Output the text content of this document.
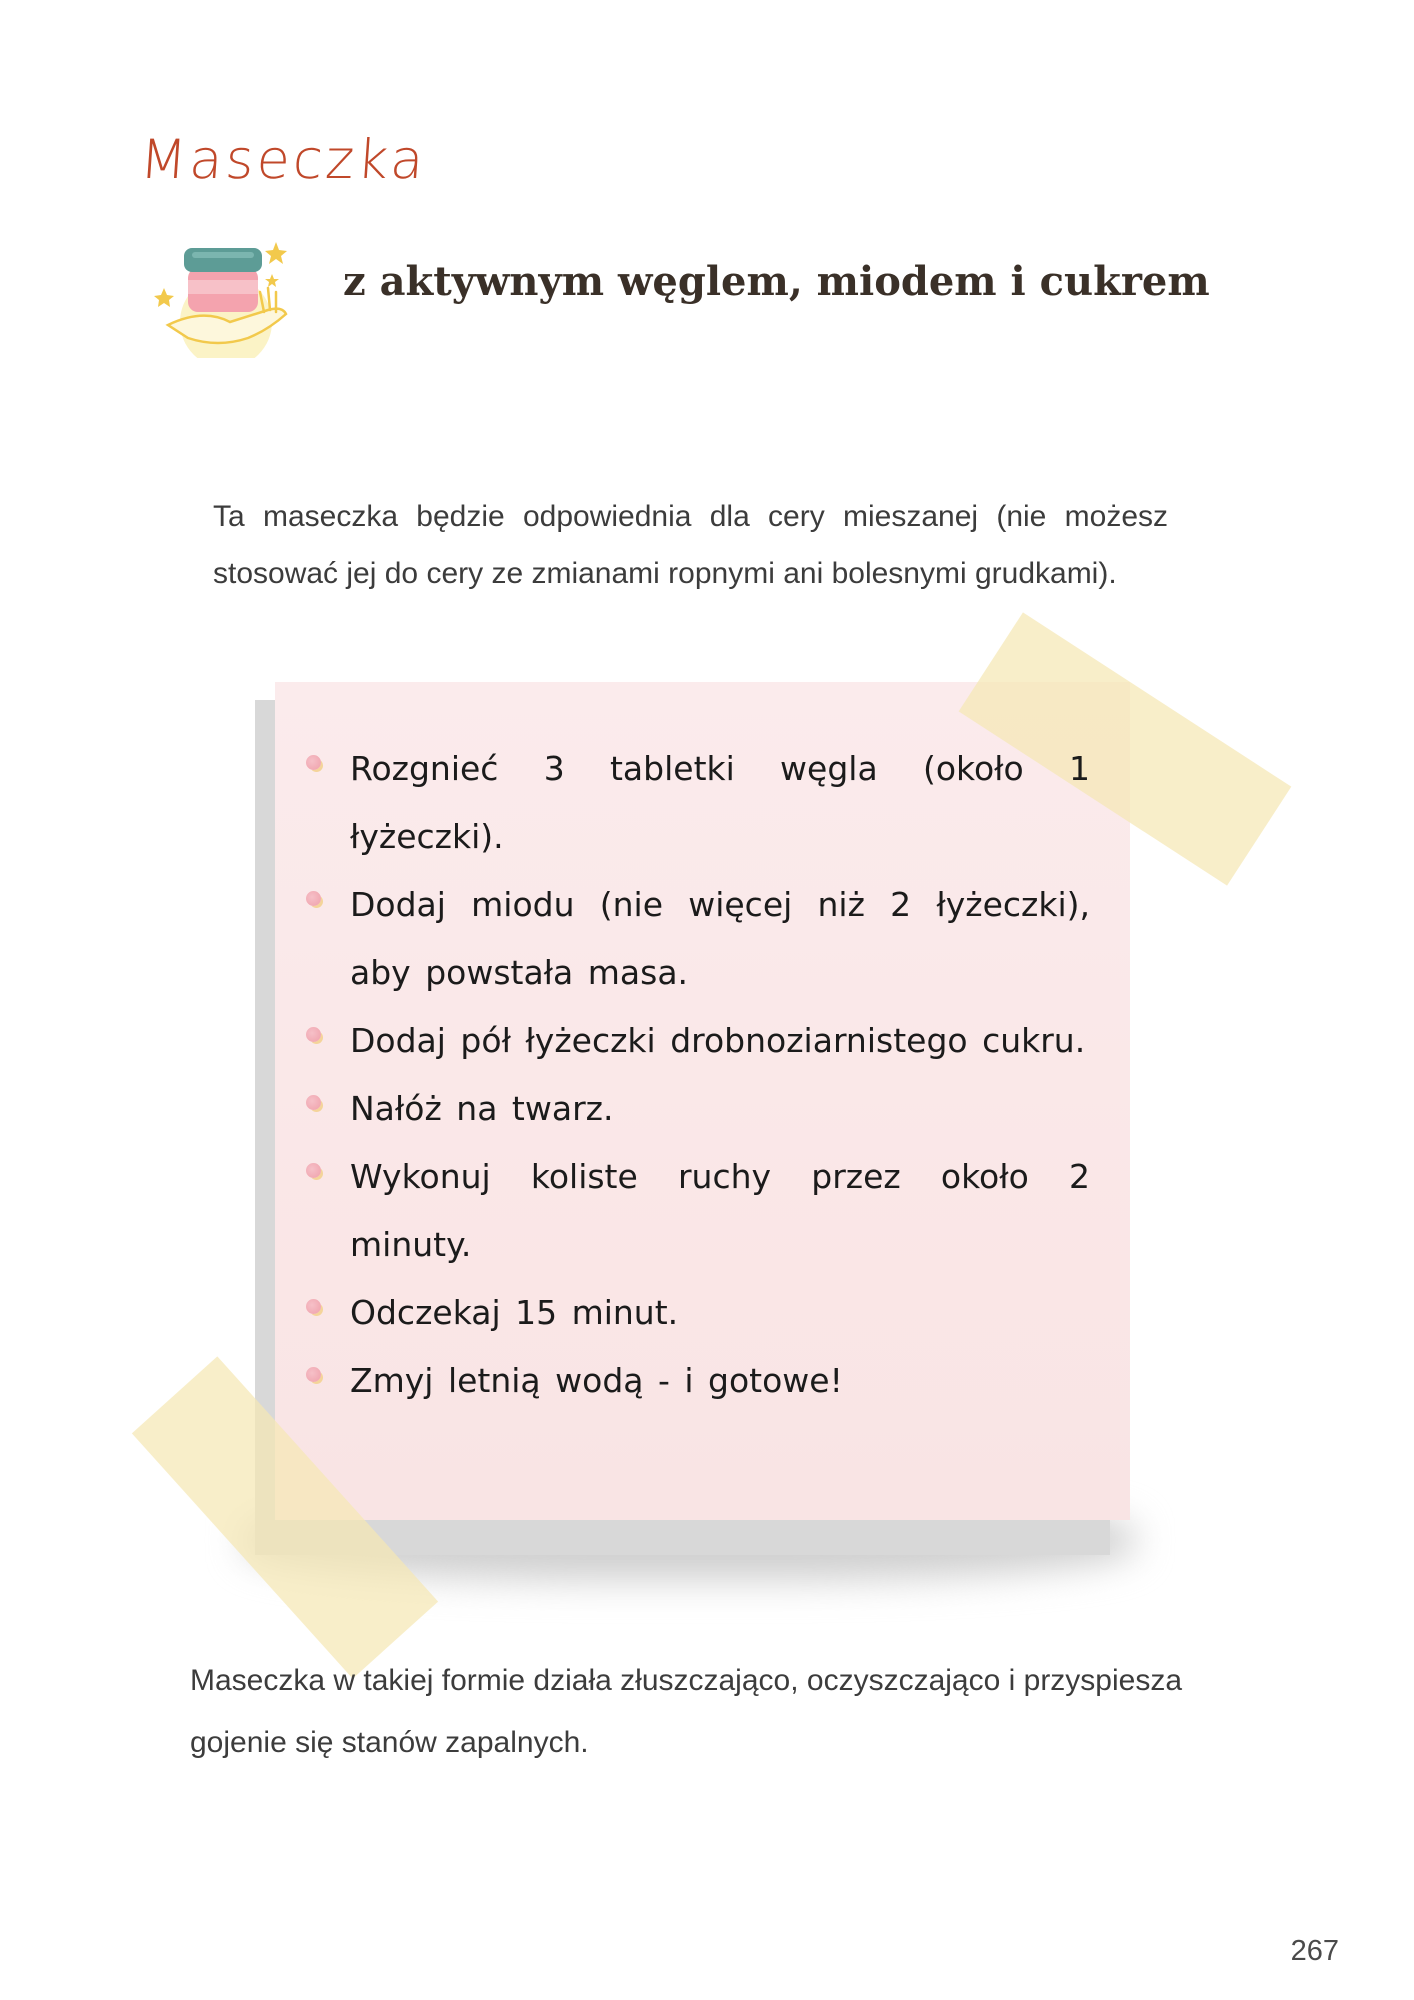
Maseczka
z aktywnym węglem, miodem i cukrem

Ta maseczka będzie odpowiednia dla cery mieszanej (nie możesz stosować jej do cery ze zmianami ropnymi ani bolesnymi grudkami).

Rozgnieć 3 tabletki węgla (około 1 łyżeczki).
Dodaj miodu (nie więcej niż 2 łyżeczki), aby powstała masa.
Dodaj pół łyżeczki drobnoziarnistego cukru.
Nałóż na twarz.
Wykonuj koliste ruchy przez około 2 minuty.
Odczekaj 15 minut.
Zmyj letnią wodą - i gotowe!

Maseczka w takiej formie działa złuszczająco, oczyszczająco i przyspiesza gojenie się stanów zapalnych.

267
